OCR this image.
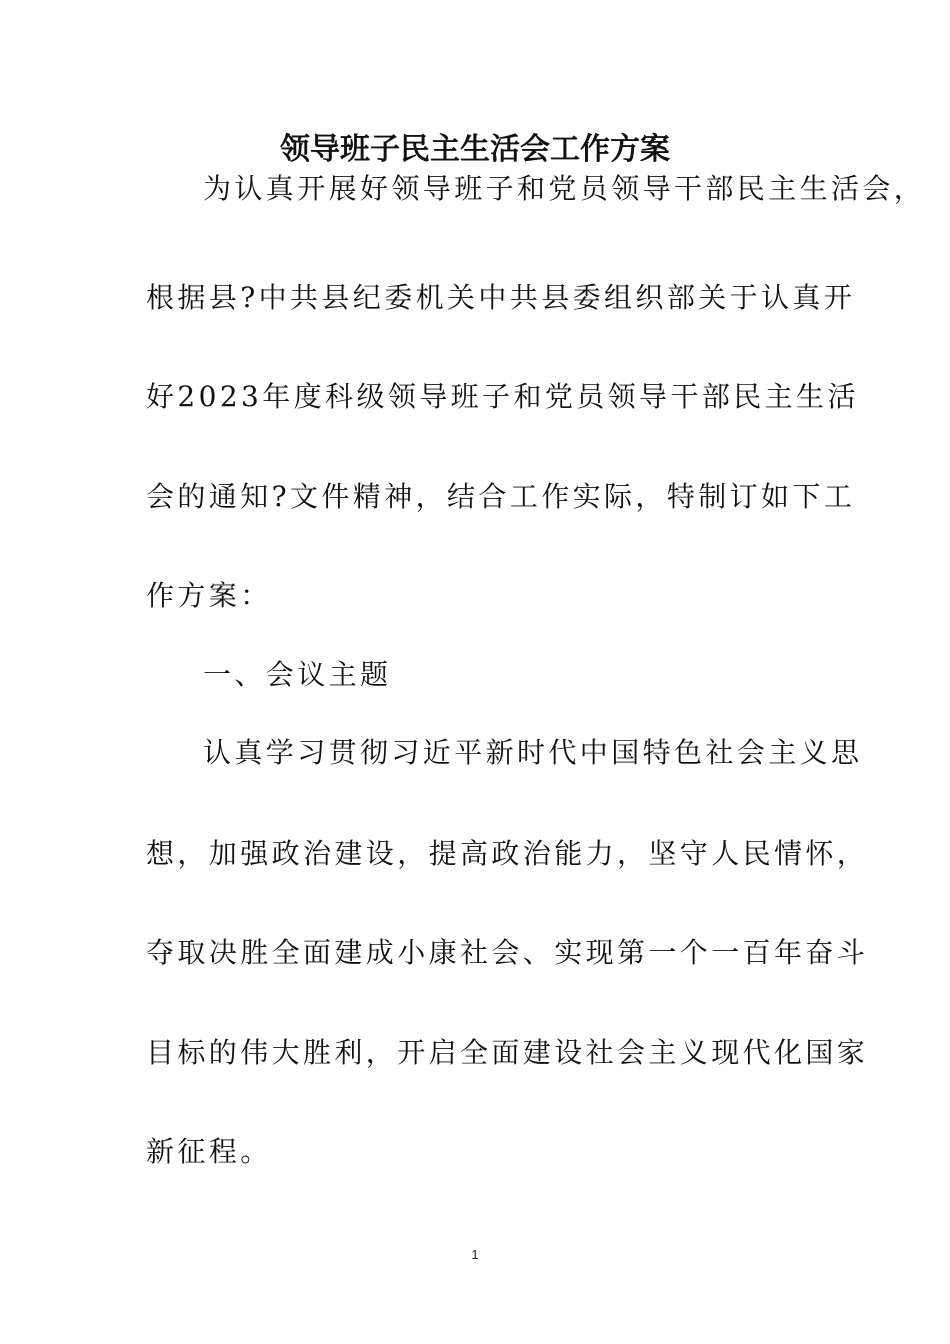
领导班子民主生活会工作方案
为认真开展好领导班子和党员领导干部民主生活会，
根据县?中共县纪委机关中共县委组织部关于认真开
好2023年度科级领导班子和党员领导干部民主生活
会的通知?文件精神，结合工作实际，特制订如下工
作方案：
一、会议主题
认真学习贯彻习近平新时代中国特色社会主义思
想，加强政治建设，提高政治能力，坚守人民情怀，
夺取决胜全面建成小康社会、实现第一个一百年奋斗
目标的伟大胜利，开启全面建设社会主义现代化国家
新征程。
1
